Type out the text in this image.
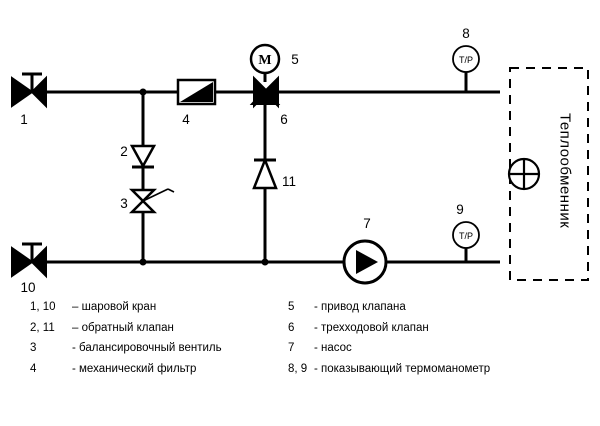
М	Т/Р
Т/Р
1
2
3
4
5
6
7
8
9
10
11	Теплообменник
1, 10	– шаровой кран	5	- привод клапана
2, 11	– обратный клапан	6	- трехходовой клапан
3	- балансировочный вентиль	7	- насос
4	- механический фильтр	8, 9 - показывающий термоманометр
